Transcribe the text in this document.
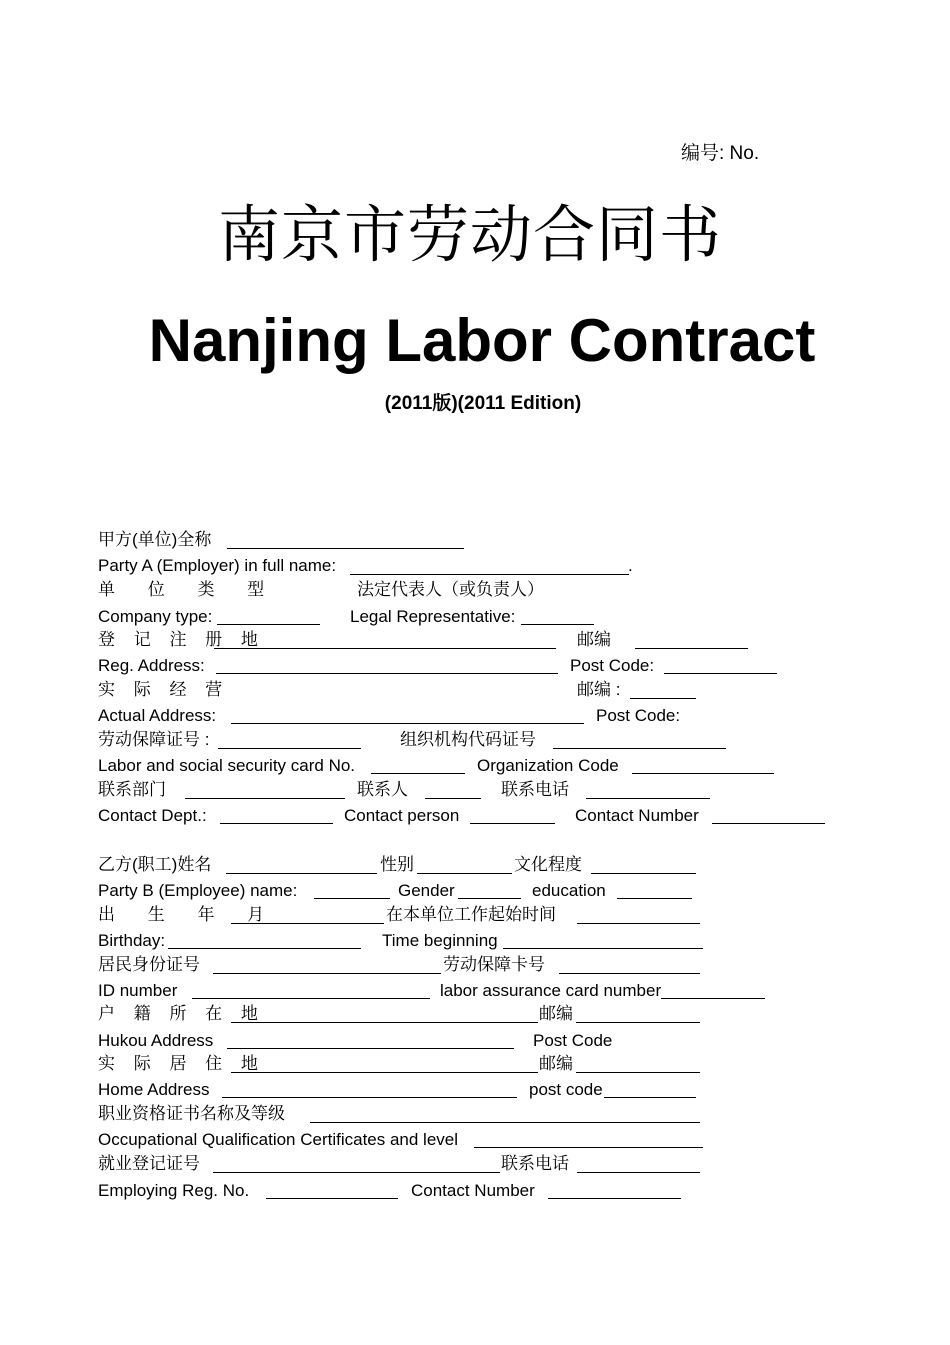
编号: No.
南京市劳动合同书
Nanjing Labor Contract
(2011版)(2011 Edition)
甲方(单位)全称
Party A (Employer) in full name:	.
单 位 类 型	法定代表人（或负责人）
Company type:	Legal Representative:
登 记 注 册 地	邮编
Reg. Address:	Post Code:
实 际 经 营	邮编 :
Actual Address:	Post Code:
劳动保障证号 :	组织机构代码证号
Labor and social security card No.	Organization Code
联系部门	联系人	联系电话
Contact Dept.:	Contact person	Contact Number
乙方(职工)姓名	性别	文化程度
Party B (Employee) name:	Gender	education
出 生 年 月	在本单位工作起始时间
Birthday:	Time beginning
居民身份证号	劳动保障卡号
ID number	labor assurance card number
户 籍 所 在 地	邮编
Hukou Address	Post Code
实 际 居 住 地	邮编
Home Address	post code
职业资格证书名称及等级
Occupational Qualification Certificates and level
就业登记证号	联系电话
Employing Reg. No.	Contact Number
